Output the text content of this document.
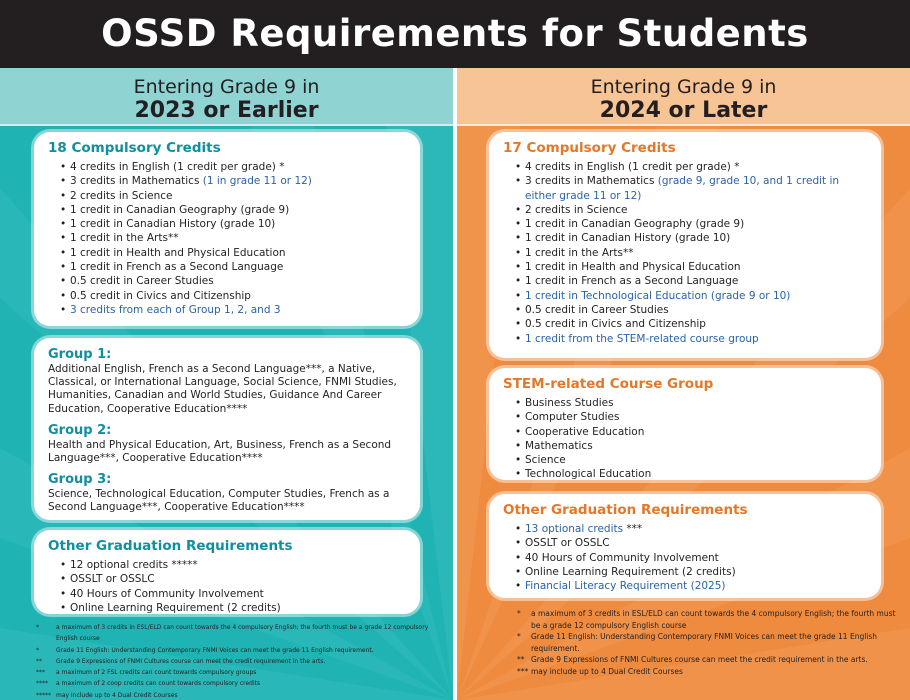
OSSD Requirements for Students
Entering Grade 9 in
2023 or Earlier
18 Compulsory Credits
• 4 credits in English (1 credit per grade) *
• 3 credits in Mathematics (1 in grade 11 or 12)
• 2 credits in Science
• 1 credit in Canadian Geography (grade 9)
• 1 credit in Canadian History (grade 10)
• 1 credit in the Arts**
• 1 credit in Health and Physical Education
• 1 credit in French as a Second Language
• 0.5 credit in Career Studies
• 0.5 credit in Civics and Citizenship
• 3 credits from each of Group 1, 2, and 3
Group 1:
Additional English, French as a Second Language***, a Native, Classical, or International Language, Social Science, FNMI Studies, Humanities, Canadian and World Studies, Guidance And Career Education, Cooperative Education****
Group 2:
Health and Physical Education, Art, Business, French as a Second Language***, Cooperative Education****
Group 3:
Science, Technological Education, Computer Studies, French as a Second Language***, Cooperative Education****
Other Graduation Requirements
• 12 optional credits *****
• OSSLT or OSSLC
• 40 Hours of Community Involvement
• Online Learning Requirement (2 credits)
*	a maximum of 3 credits in ESL/ELD can count towards the 4 compulsory English; the fourth must be a grade 12 compulsory English course
*	Grade 11 English: Understanding Contemporary FNMI Voices can meet the grade 11 English requirement.
**	Grade 9 Expressions of FNMI Cultures course can meet the credit requirement in the arts.
***	a maximum of 2 FSL credits can count towards compulsory groups
****	a maximum of 2 coop credits can count towards compulsory credits
***** may include up to 4 Dual Credit Courses
Entering Grade 9 in
2024 or Later
17 Compulsory Credits
• 4 credits in English (1 credit per grade) *
• 3 credits in Mathematics (grade 9, grade 10, and 1 credit in either grade 11 or 12)
• 2 credits in Science
• 1 credit in Canadian Geography (grade 9)
• 1 credit in Canadian History (grade 10)
• 1 credit in the Arts**
• 1 credit in Health and Physical Education
• 1 credit in French as a Second Language
• 1 credit in Technological Education (grade 9 or 10)
• 0.5 credit in Career Studies
• 0.5 credit in Civics and Citizenship
• 1 credit from the STEM-related course group
STEM-related Course Group
• Business Studies
• Computer Studies
• Cooperative Education
• Mathematics
• Science
• Technological Education
Other Graduation Requirements
• 13 optional credits ***
• OSSLT or OSSLC
• 40 Hours of Community Involvement
• Online Learning Requirement (2 credits)
• Financial Literacy Requirement (2025)
*	a maximum of 3 credits in ESL/ELD can count towards the 4 compulsory English; the fourth must be a grade 12 compulsory English course
*	Grade 11 English: Understanding Contemporary FNMI Voices can meet the grade 11 English requirement.
** Grade 9 Expressions of FNMI Cultures course can meet the credit requirement in the arts.
*** may include up to 4 Dual Credit Courses
